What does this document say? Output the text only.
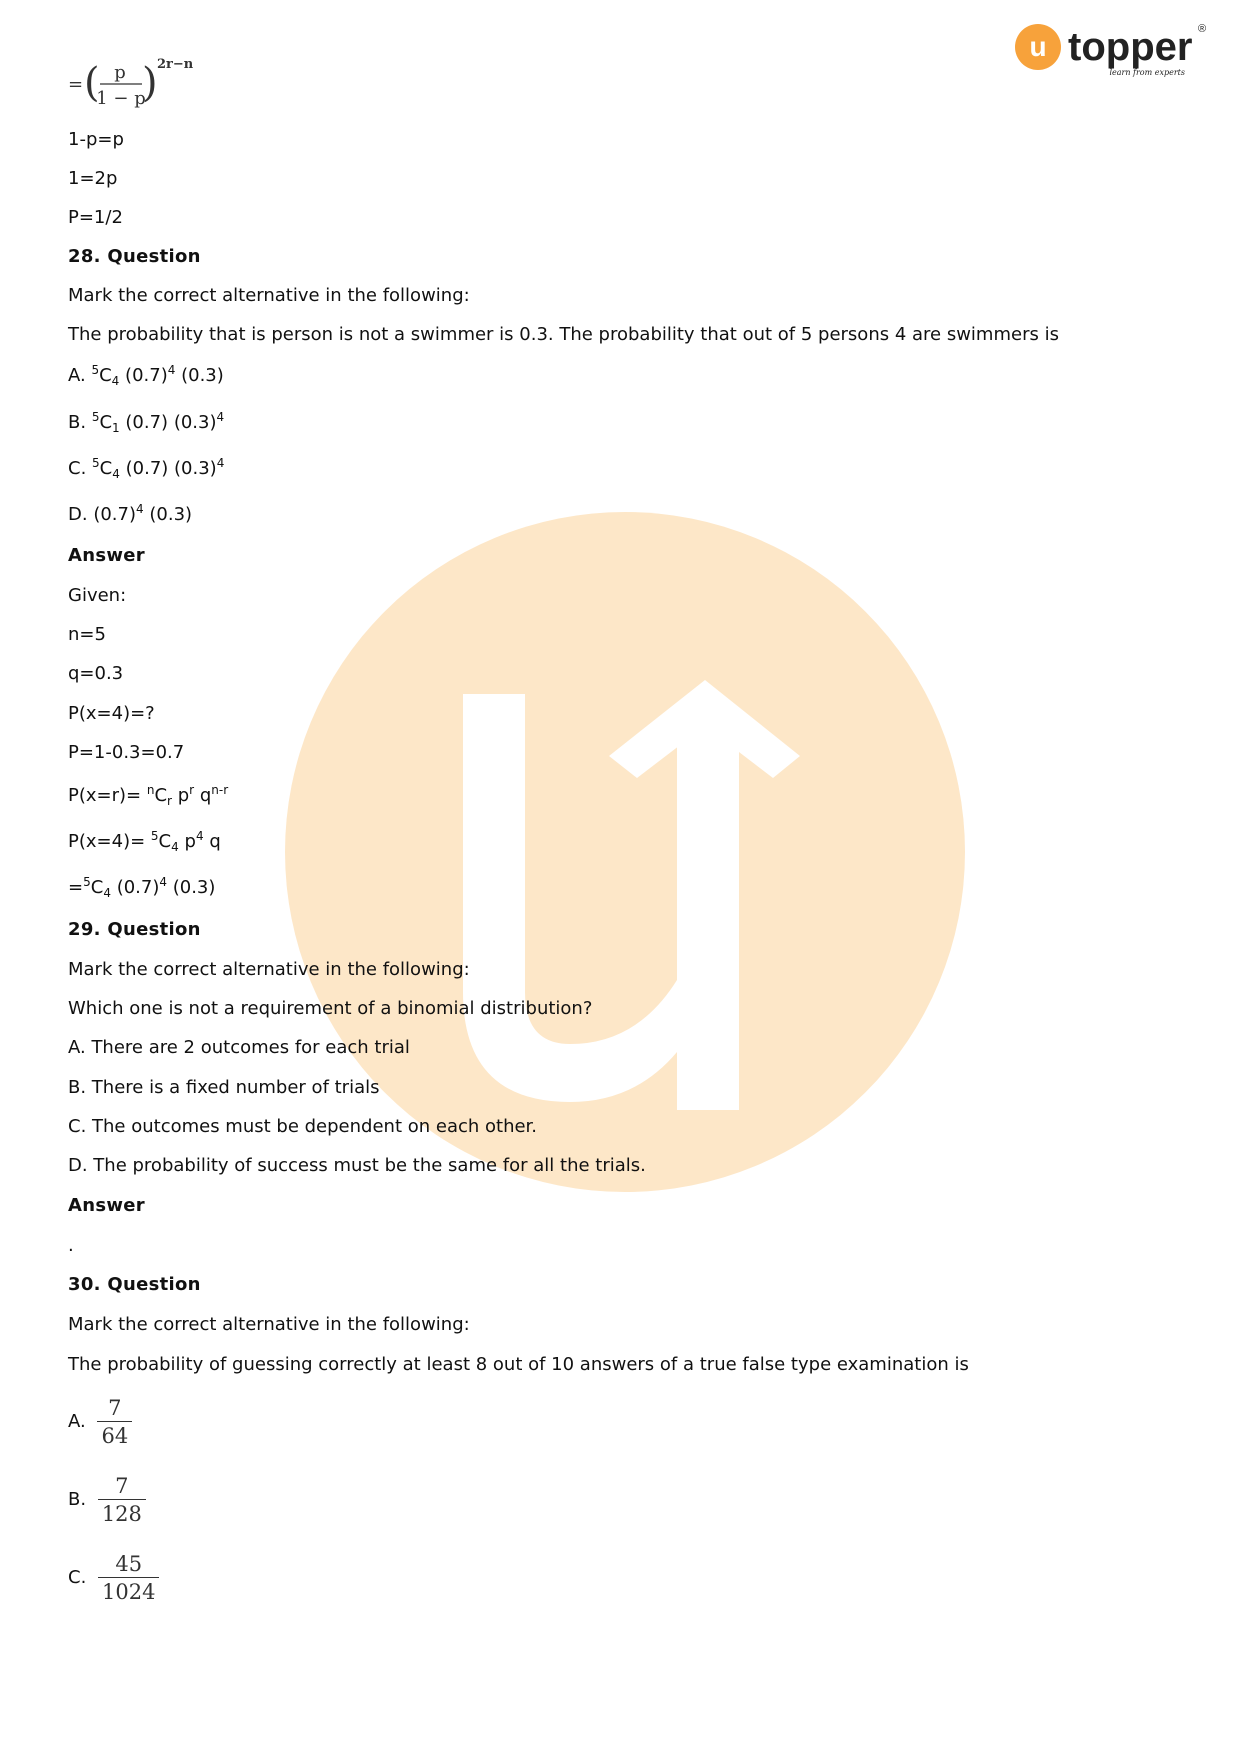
u topper ®
learn from experts
= ( p
1 − p
) 2r−n
1-p=p
1=2p
P=1/2
28. Question
Mark the correct alternative in the following:
The probability that is person is not a swimmer is 0.3. The probability that out of 5 persons 4 are swimmers is
A. $^5C_4$ $(0.7)^4$ (0.3)
B. $^5C_1$ (0.7) $(0.3)^4$
C. $^5C_4$ (0.7) $(0.3)^4$
D. $(0.7)^4$ (0.3)
Answer
Given:
n=5
q=0.3
P(x=4)=?
P=1-0.3=0.7
$P(x=r)= ^nC_r$ $p^r$ $q^{n-r}$
$P(x=4)= ^5C_4$ $p^4$ q
$=^5C_4$ $(0.7)^4$ (0.3)
29. Question
Mark the correct alternative in the following:
Which one is not a requirement of a binomial distribution?
A. There are 2 outcomes for each trial
B. There is a fixed number of trials
C. The outcomes must be dependent on each other.
D. The probability of success must be the same for all the trials.
Answer
.
30. Question
Mark the correct alternative in the following:
The probability of guessing correctly at least 8 out of 10 answers of a true false type examination is
A. $\frac{7}{64}$
B. $\frac{7}{128}$
C. $\frac{45}{1024}$
